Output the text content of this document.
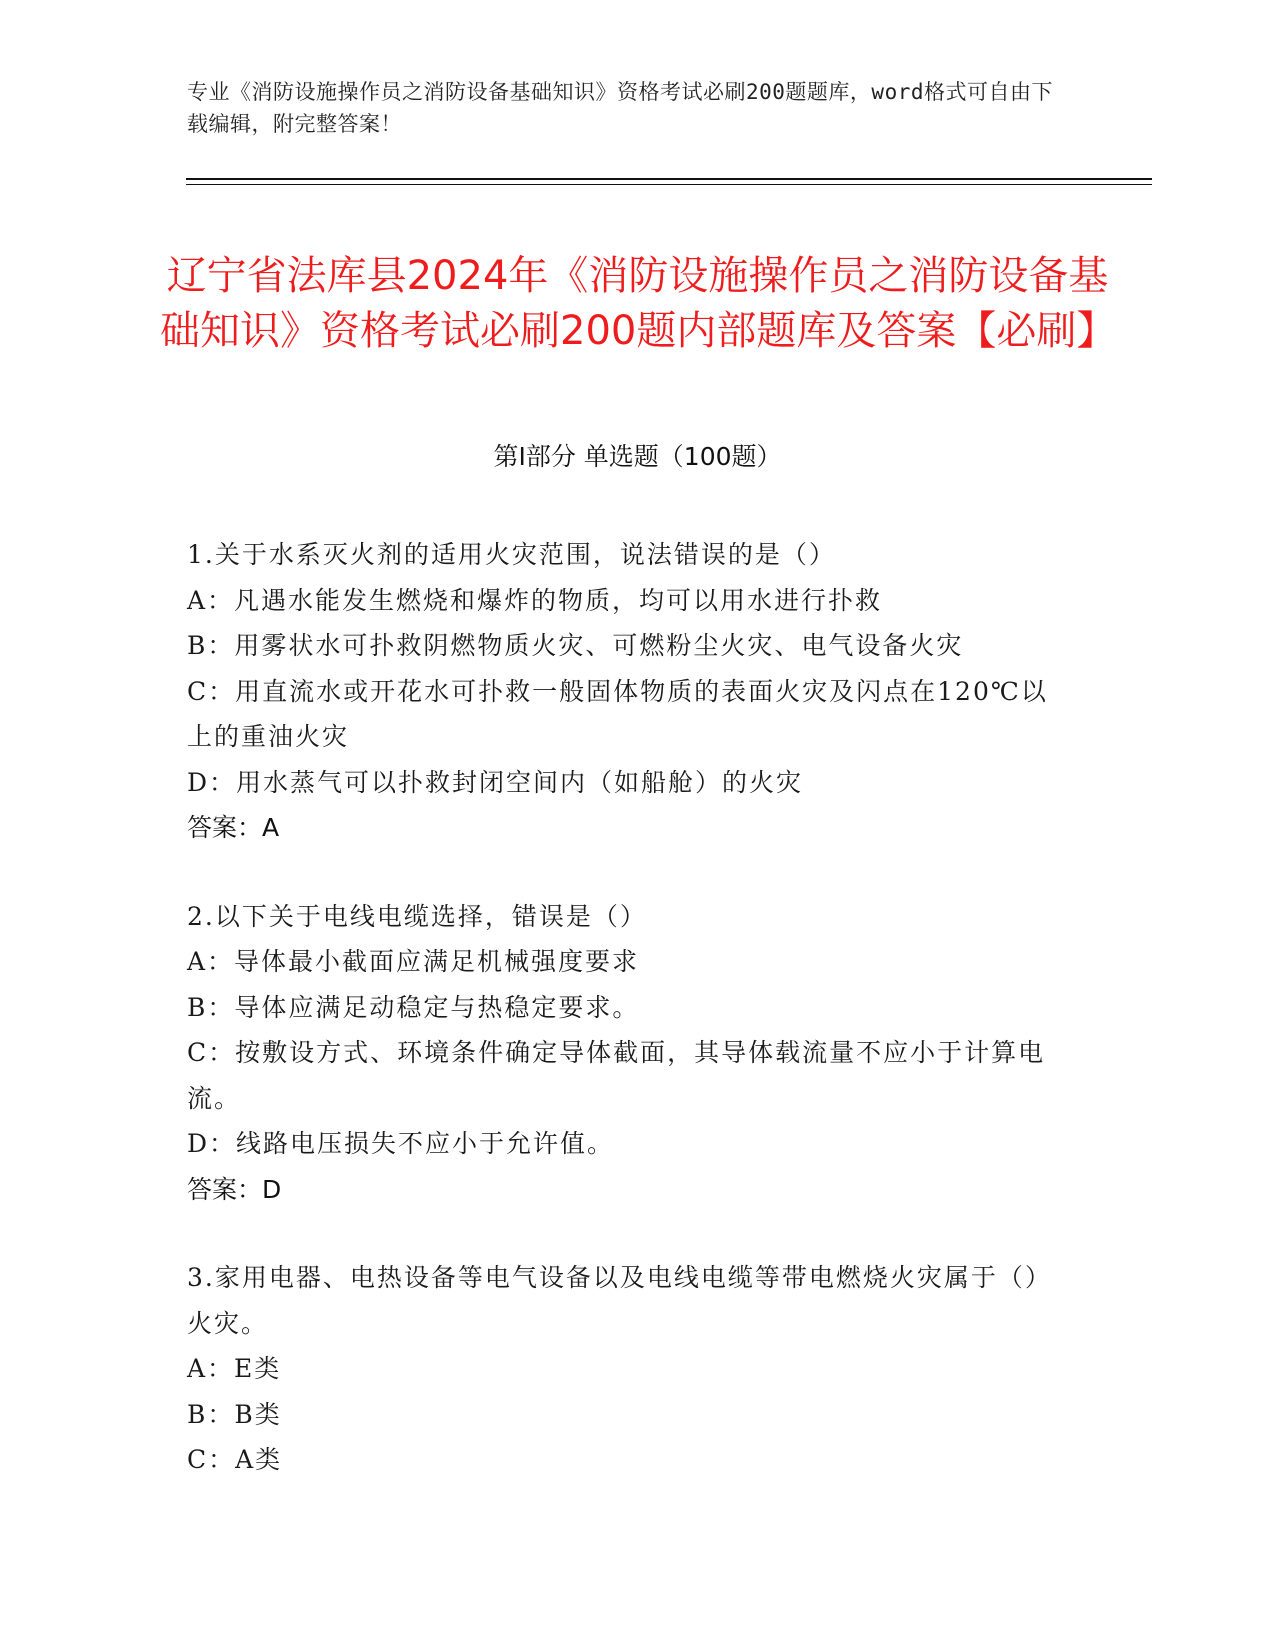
专业《消防设施操作员之消防设备基础知识》资格考试必刷200题题库，word格式可自由下载编辑，附完整答案！
辽宁省法库县2024年《消防设施操作员之消防设备基础知识》资格考试必刷200题内部题库及答案【必刷】
第I部分 单选题（100题）
1.关于水系灭火剂的适用火灾范围，说法错误的是（）
A：凡遇水能发生燃烧和爆炸的物质，均可以用水进行扑救
B：用雾状水可扑救阴燃物质火灾、可燃粉尘火灾、电气设备火灾
C：用直流水或开花水可扑救一般固体物质的表面火灾及闪点在120℃以上的重油火灾
D：用水蒸气可以扑救封闭空间内（如船舱）的火灾
答案：A
2.以下关于电线电缆选择，错误是（）
A：导体最小截面应满足机械强度要求
B：导体应满足动稳定与热稳定要求。
C：按敷设方式、环境条件确定导体截面，其导体载流量不应小于计算电流。
D：线路电压损失不应小于允许值。
答案：D
3.家用电器、电热设备等电气设备以及电线电缆等带电燃烧火灾属于（）火灾。
A：E类
B：B类
C：A类
